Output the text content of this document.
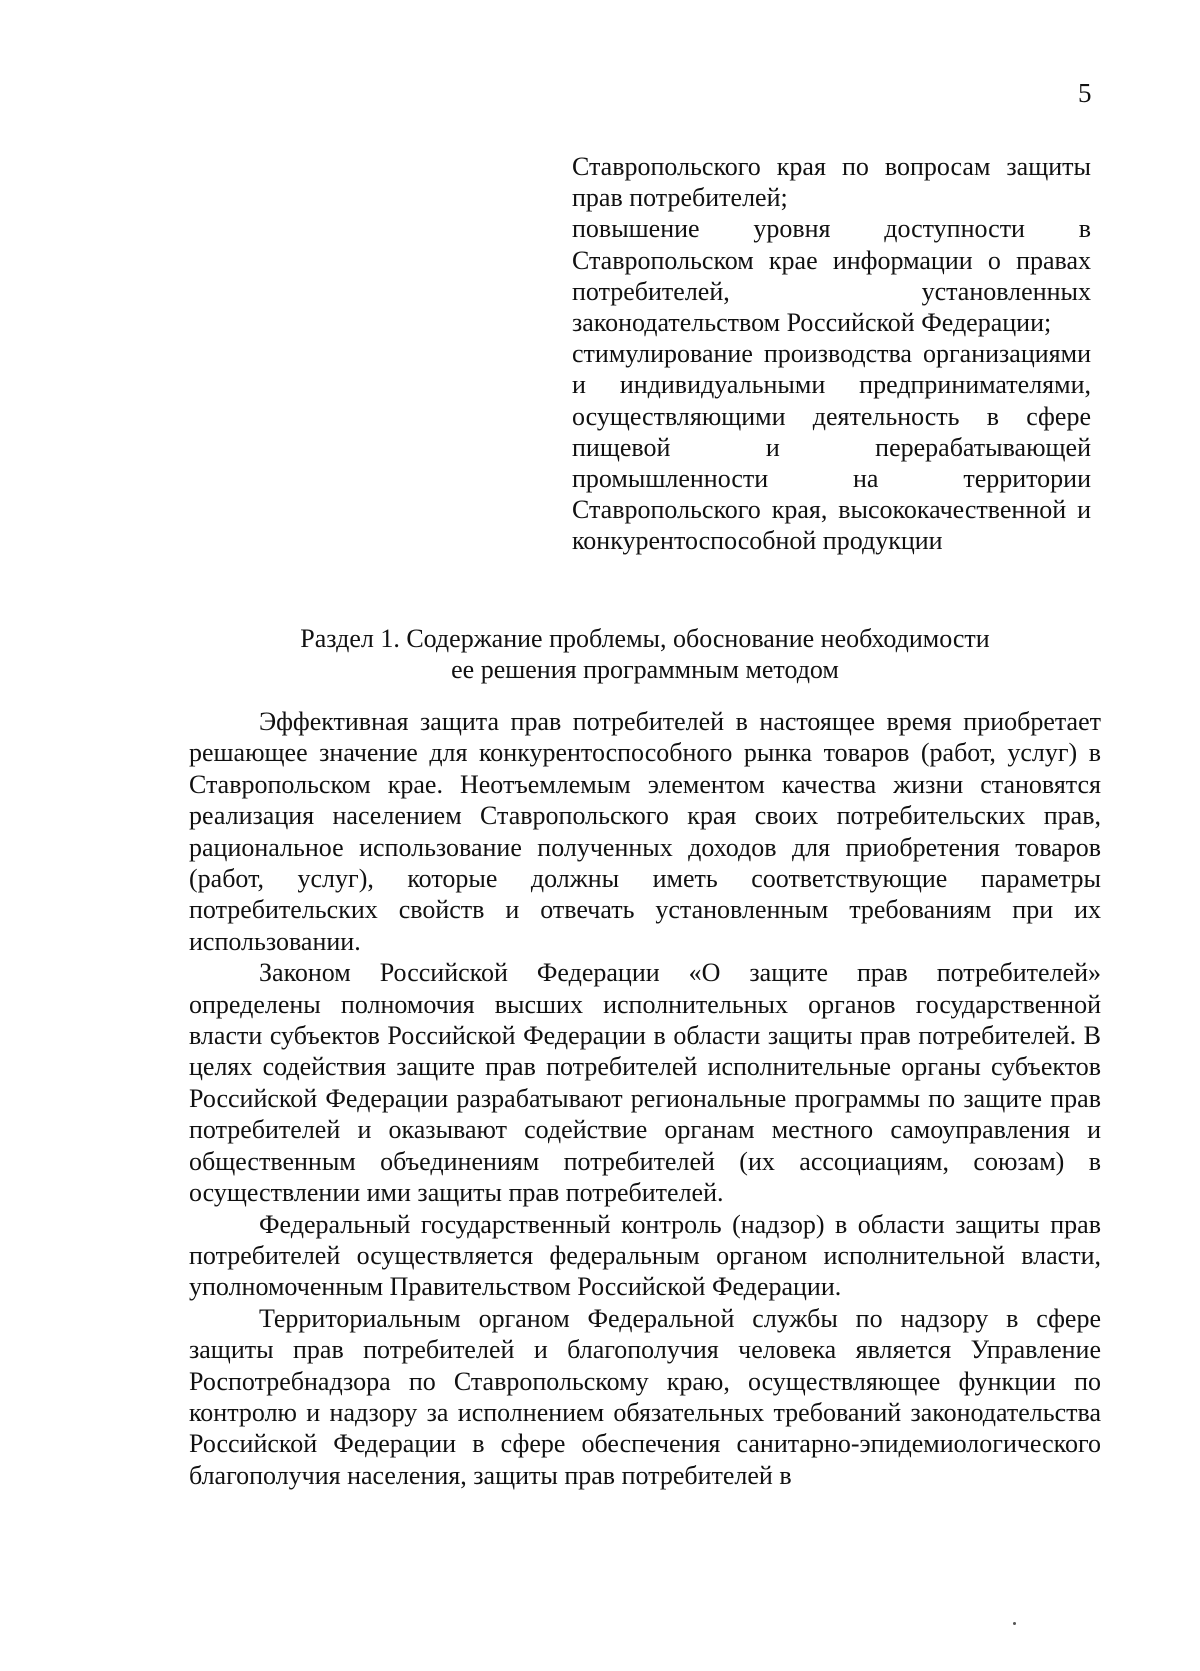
5

Ставропольского края по вопросам защиты прав потребителей;

повышение уровня доступности в Ставропольском крае информации о правах потребителей, установленных законодательством Российской Федерации;

стимулирование производства организациями и индивидуальными предпринимателями, осуществляющими деятельность в сфере пищевой и перерабатывающей промышленности на территории Ставропольского края, высококачественной и конкурентоспособной продукции

Раздел 1. Содержание проблемы, обоснование необходимости
ее решения программным методом

Эффективная защита прав потребителей в настоящее время приобретает решающее значение для конкурентоспособного рынка товаров (работ, услуг) в Ставропольском крае. Неотъемлемым элементом качества жизни становятся реализация населением Ставропольского края своих потребительских прав, рациональное использование полученных доходов для приобретения товаров (работ, услуг), которые должны иметь соответствующие параметры потребительских свойств и отвечать установленным требованиям при их использовании.

Законом Российской Федерации «О защите прав потребителей» определены полномочия высших исполнительных органов государственной власти субъектов Российской Федерации в области защиты прав потребителей. В целях содействия защите прав потребителей исполнительные органы субъектов Российской Федерации разрабатывают региональные программы по защите прав потребителей и оказывают содействие органам местного самоуправления и общественным объединениям потребителей (их ассоциациям, союзам) в осуществлении ими защиты прав потребителей.

Федеральный государственный контроль (надзор) в области защиты прав потребителей осуществляется федеральным органом исполнительной власти, уполномоченным Правительством Российской Федерации.

Территориальным органом Федеральной службы по надзору в сфере защиты прав потребителей и благополучия человека является Управление Роспотребнадзора по Ставропольскому краю, осуществляющее функции по контролю и надзору за исполнением обязательных требований законодательства Российской Федерации в сфере обеспечения санитарно-эпидемиологического благополучия населения, защиты прав потребителей в
